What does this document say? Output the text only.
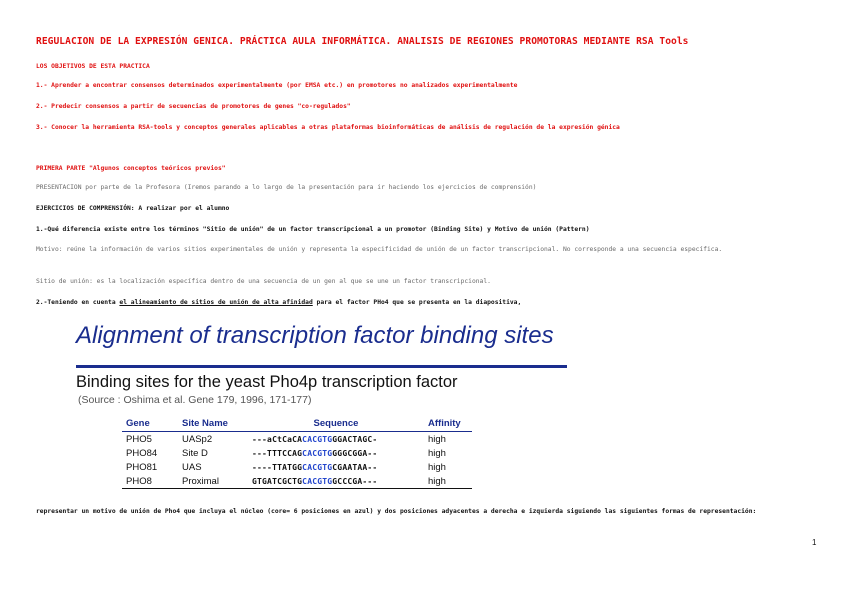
REGULACION DE LA EXPRESIÓN GENICA. PRÁCTICA AULA INFORMÁTICA. ANALISIS DE REGIONES PROMOTORAS MEDIANTE RSA Tools
LOS OBJETIVOS DE ESTA PRACTICA
1.- Aprender a encontrar consensos determinados experimentalmente (por EMSA etc.) en promotores no analizados experimentalmente
2.- Predecir consensos a partir de secuencias de promotores de genes "co-regulados"
3.- Conocer la herramienta RSA-tools y conceptos generales aplicables a otras plataformas bioinformáticas de análisis de regulación de la expresión génica
PRIMERA PARTE "Algunos conceptos teóricos previos"
PRESENTACION por parte de la Profesora (Iremos parando a lo largo de la presentación para ir haciendo los ejercicios de comprensión)
EJERCICIOS DE COMPRENSIÓN: A realizar por el alumno
1.-Qué diferencia existe entre los términos "Sitio de unión" de un factor transcripcional a un promotor (Binding Site) y Motivo de unión (Pattern)
Motivo: reúne la información de varios sitios experimentales de unión y representa la especificidad de unión de un factor transcripcional. No corresponde a una secuencia específica.
Sitio de unión: es la localización específica dentro de una secuencia de un gen al que se une un factor transcripcional.
2.-Teniendo en cuenta el alineamiento de sitios de unión de alta afinidad para el factor PHo4 que se presenta en la diapositiva,
Alignment of transcription factor binding sites
Binding sites for the yeast Pho4p transcription factor
(Source : Oshima et al. Gene 179, 1996, 171-177)
Gene	Site Name	Sequence	Affinity
PHO5	UASp2	---aCtCaCACACGTGGGACTAGC-	high
PHO84	Site D	---TTTCCAGCACGTGGGGCGGA--	high
PHO81	UAS	----TTATGGCACGTGCGAATAA--	high
PHO8	Proximal	GTGATCGCTGCACGTGGCCCGA---	high
representar un motivo de unión de Pho4 que incluya el núcleo (core= 6 posiciones en azul) y dos posiciones adyacentes a derecha e izquierda siguiendo las siguientes formas de representación:
1
